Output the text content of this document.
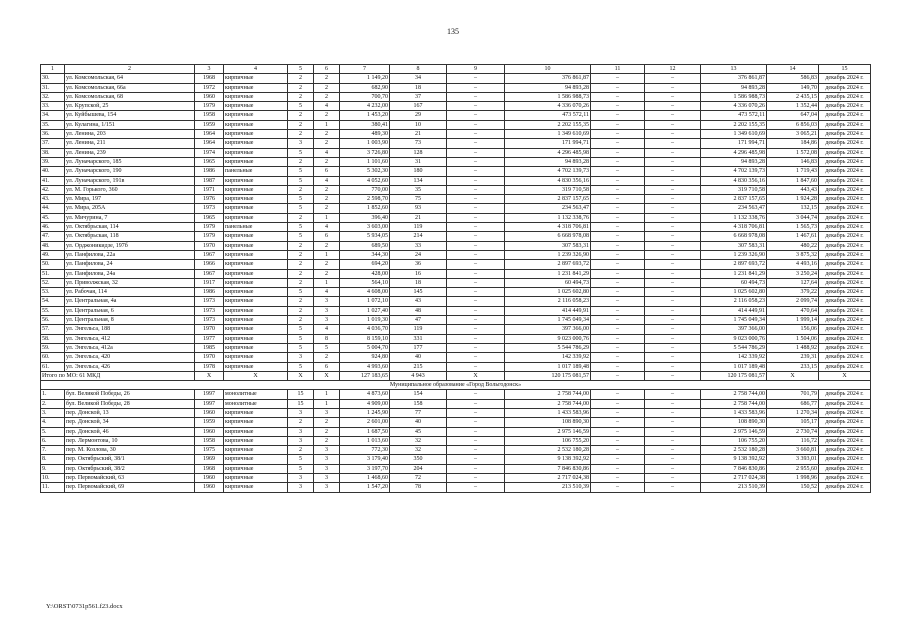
135
1	2	3	4	5	6	7	8	9	10	11	12	13	14	15
30.	ул. Комсомольская, 64	1968	кирпичные	2	2	1 149,20	34	–	376 861,87	–	–	376 861,87	586,83	декабрь 2024 г.
31.	ул. Комсомольская, 66а	1972	кирпичные	2	2	682,90	18	–	94 893,28	–	–	94 893,28	149,70	декабрь 2024 г.
32.	ул. Комсомольская, 68	1960	кирпичные	2	2	700,70	37	–	1 586 988,73	–	–	1 586 988,73	2 435,15	декабрь 2024 г.
33.	ул. Крупской, 25	1979	кирпичные	5	4	4 232,00	167	–	4 336 070,26	–	–	4 336 070,26	1 352,44	декабрь 2024 г.
34.	ул. Куйбышева, 154	1958	кирпичные	2	2	1 453,20	29	–	473 572,11	–	–	473 572,11	647,04	декабрь 2024 г.
35.	ул. Кулагина, 1/151	1959	кирпичные	2	1	380,41	10	–	2 202 155,35	–	–	2 202 155,35	6 856,03	декабрь 2024 г.
36.	ул. Ленина, 203	1964	кирпичные	2	2	489,30	21	–	1 349 610,69	–	–	1 349 610,69	3 065,21	декабрь 2024 г.
37.	ул. Ленина, 211	1964	кирпичные	3	2	1 003,90	73	–	171 994,71	–	–	171 994,71	184,86	декабрь 2024 г.
38.	ул. Ленина, 239	1974	кирпичные	5	4	3 726,80	128	–	4 296 485,98	–	–	4 296 485,98	1 572,08	декабрь 2024 г.
39.	ул. Луначарского, 185	1965	кирпичные	2	2	1 101,60	31	–	94 893,28	–	–	94 893,28	146,83	декабрь 2024 г.
40.	ул. Луначарского, 190	1986	панельные	5	6	5 302,30	180	–	4 702 139,73	–	–	4 702 139,73	1 719,43	декабрь 2024 г.
41.	ул. Луначарского, 191в	1987	кирпичные	5	4	4 052,60	134	–	4 830 356,16	–	–	4 830 356,16	1 847,60	декабрь 2024 г.
42.	ул. М. Горького, 360	1971	кирпичные	2	2	770,00	35	–	319 710,58	–	–	319 710,58	443,43	декабрь 2024 г.
43.	ул. Мира, 197	1976	кирпичные	5	2	2 598,70	75	–	2 837 157,65	–	–	2 837 157,65	1 924,28	декабрь 2024 г.
44.	ул. Мира, 205А	1973	кирпичные	5	2	1 852,60	93	–	234 563,47	–	–	234 563,47	132,15	декабрь 2024 г.
45.	ул. Мичурина, 7	1965	кирпичные	2	1	396,40	21	–	1 132 338,76	–	–	1 132 338,76	3 044,74	декабрь 2024 г.
46.	ул. Октябрьская, 114	1979	панельные	5	4	3 603,00	119	–	4 318 706,81	–	–	4 318 706,81	1 565,73	декабрь 2024 г.
47.	ул. Октябрьская, 118	1979	кирпичные	5	6	5 934,05	214	–	6 668 978,08	–	–	6 668 978,08	1 467,61	декабрь 2024 г.
48.	ул. Орджоникидзе, 197б	1970	кирпичные	2	2	689,50	33	–	307 583,31	–	–	307 583,31	480,22	декабрь 2024 г.
49.	ул. Панфилова, 22а	1967	кирпичные	2	1	344,30	24	–	1 239 326,90	–	–	1 239 326,90	3 875,32	декабрь 2024 г.
50.	ул. Панфилова, 24	1966	кирпичные	2	2	694,20	36	–	2 897 693,72	–	–	2 897 693,72	4 493,16	декабрь 2024 г.
51.	ул. Панфилова, 24а	1967	кирпичные	2	2	428,00	16	–	1 231 841,29	–	–	1 231 841,29	3 250,24	декабрь 2024 г.
52.	ул. Приволжская, 32	1917	кирпичные	2	1	564,10	18	–	60 494,73	–	–	60 494,73	127,64	декабрь 2024 г.
53.	ул. Рабочая, 114	1986	кирпичные	5	4	4 608,00	145	–	1 025 602,80	–	–	1 025 602,80	379,22	декабрь 2024 г.
54.	ул. Центральная, 4а	1973	кирпичные	2	3	1 072,10	43	–	2 116 058,23	–	–	2 116 058,23	2 099,74	декабрь 2024 г.
55.	ул. Центральная, 6	1973	кирпичные	2	3	1 027,40	48	–	414 449,91	–	–	414 449,91	470,64	декабрь 2024 г.
56.	ул. Центральная, 8	1973	кирпичные	2	3	1 019,30	47	–	1 745 049,34	–	–	1 745 049,34	1 999,14	декабрь 2024 г.
57.	ул. Энгельса, 188	1970	кирпичные	5	4	4 036,70	119	–	397 366,00	–	–	397 366,00	156,06	декабрь 2024 г.
58.	ул. Энгельса, 412	1977	кирпичные	5	8	8 159,10	331	–	9 023 000,76	–	–	9 023 000,76	1 504,06	декабрь 2024 г.
59.	ул. Энгельса, 412а	1985	кирпичные	5	5	5 004,70	177	–	5 544 786,29	–	–	5 544 786,29	1 488,92	декабрь 2024 г.
60.	ул. Энгельса, 420	1970	кирпичные	3	2	924,80	40	–	142 339,92	–	–	142 339,92	239,31	декабрь 2024 г.
61.	ул. Энгельса, 426	1978	кирпичные	5	6	4 993,60	215	–	1 017 189,48	–	–	1 017 189,48	233,15	декабрь 2024 г.
Итого по МО: 61 МКД		X	X	X	X	127 183,65	4 943	X	120 175 081,57	–	–	120 175 081,57	X	X
Муниципальное образование «Город Вольгодонск»														
1.	бул. Великой Победы, 26	1997	монолитные	15	1	4 873,60	154	–	2 758 744,00	–	–	2 758 744,00	701,79	декабрь 2024 г.
2.	бул. Великой Победы, 28	1997	монолитные	15	1	4 909,00	158	–	2 758 744,00	–	–	2 758 744,00	686,77	декабрь 2024 г.
3.	пер. Донской, 13	1960	кирпичные	3	3	1 245,90	77	–	1 433 583,96	–	–	1 433 583,96	1 270,34	декабрь 2024 г.
4.	пер. Донской, 34	1959	кирпичные	2	2	2 601,00	40	–	108 890,30	–	–	108 890,30	105,17	декабрь 2024 г.
5.	пер. Донской, 46	1960	кирпичные	3	2	1 687,50	45	–	2 975 146,59	–	–	2 975 146,59	2 730,74	декабрь 2024 г.
6.	пер. Лермонтова, 10	1958	кирпичные	3	2	1 013,60	32	–	106 755,20	–	–	106 755,20	116,72	декабрь 2024 г.
7.	пер. М. Козлова, 30	1975	кирпичные	2	3	772,30	32	–	2 532 180,28	–	–	2 532 180,28	3 660,81	декабрь 2024 г.
8.	пер. Октябрьский, 38/1	1969	кирпичные	5	3	3 179,40	350	–	9 138 392,92	–	–	9 138 392,92	3 393,01	декабрь 2024 г.
9.	пер. Октябрьский, 38/2	1968	кирпичные	5	3	3 197,70	204	–	7 846 830,86	–	–	7 846 830,86	2 955,60	декабрь 2024 г.
10.	пер. Первомайский, 63	1960	кирпичные	3	3	1 468,60	72	–	2 717 024,38	–	–	2 717 024,38	1 998,96	декабрь 2024 г.
11.	пер. Первомайский, 69	1960	кирпичные	3	3	1 547,20	78	–	213 510,39	–	–	213 510,39	150,52	декабрь 2024 г.
Y:\ORST\0731p561.f23.docx
